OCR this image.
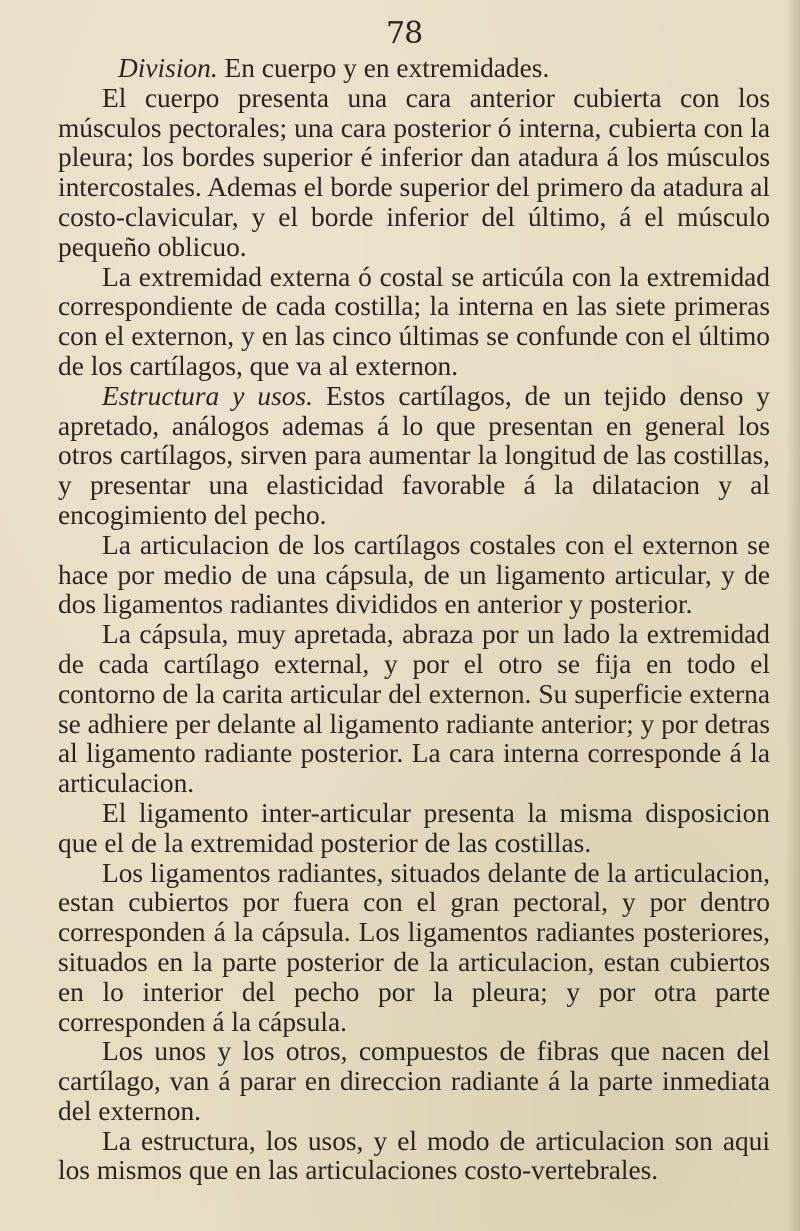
78

Division. En cuerpo y en extremidades.

El cuerpo presenta una cara anterior cubierta con los músculos pectorales; una cara posterior ó interna, cubierta con la pleura; los bordes superior é inferior dan atadura á los músculos intercostales. Ademas el borde superior del primero da atadura al costo-clavicular, y el borde inferior del último, á el músculo pequeño oblicuo.

La extremidad externa ó costal se articúla con la extremidad correspondiente de cada costilla; la interna en las siete primeras con el externon, y en las cinco últimas se confunde con el último de los cartílagos, que va al externon.

Estructura y usos. Estos cartílagos, de un tejido denso y apretado, análogos ademas á lo que presentan en general los otros cartílagos, sirven para aumentar la longitud de las costillas, y presentar una elasticidad favorable á la dilatacion y al encogimiento del pecho.

La articulacion de los cartílagos costales con el externon se hace por medio de una cápsula, de un ligamento articular, y de dos ligamentos radiantes divididos en anterior y posterior.

La cápsula, muy apretada, abraza por un lado la extremidad de cada cartílago external, y por el otro se fija en todo el contorno de la carita articular del externon. Su superficie externa se adhiere per delante al ligamento radiante anterior; y por detras al ligamento radiante posterior. La cara interna corresponde á la articulacion.

El ligamento inter-articular presenta la misma disposicion que el de la extremidad posterior de las costillas.

Los ligamentos radiantes, situados delante de la articulacion, estan cubiertos por fuera con el gran pectoral, y por dentro corresponden á la cápsula. Los ligamentos radiantes posteriores, situados en la parte posterior de la articulacion, estan cubiertos en lo interior del pecho por la pleura; y por otra parte corresponden á la cápsula.

Los unos y los otros, compuestos de fibras que nacen del cartílago, van á parar en direccion radiante á la parte inmediata del externon.

La estructura, los usos, y el modo de articulacion son aqui los mismos que en las articulaciones costo-vertebrales.
